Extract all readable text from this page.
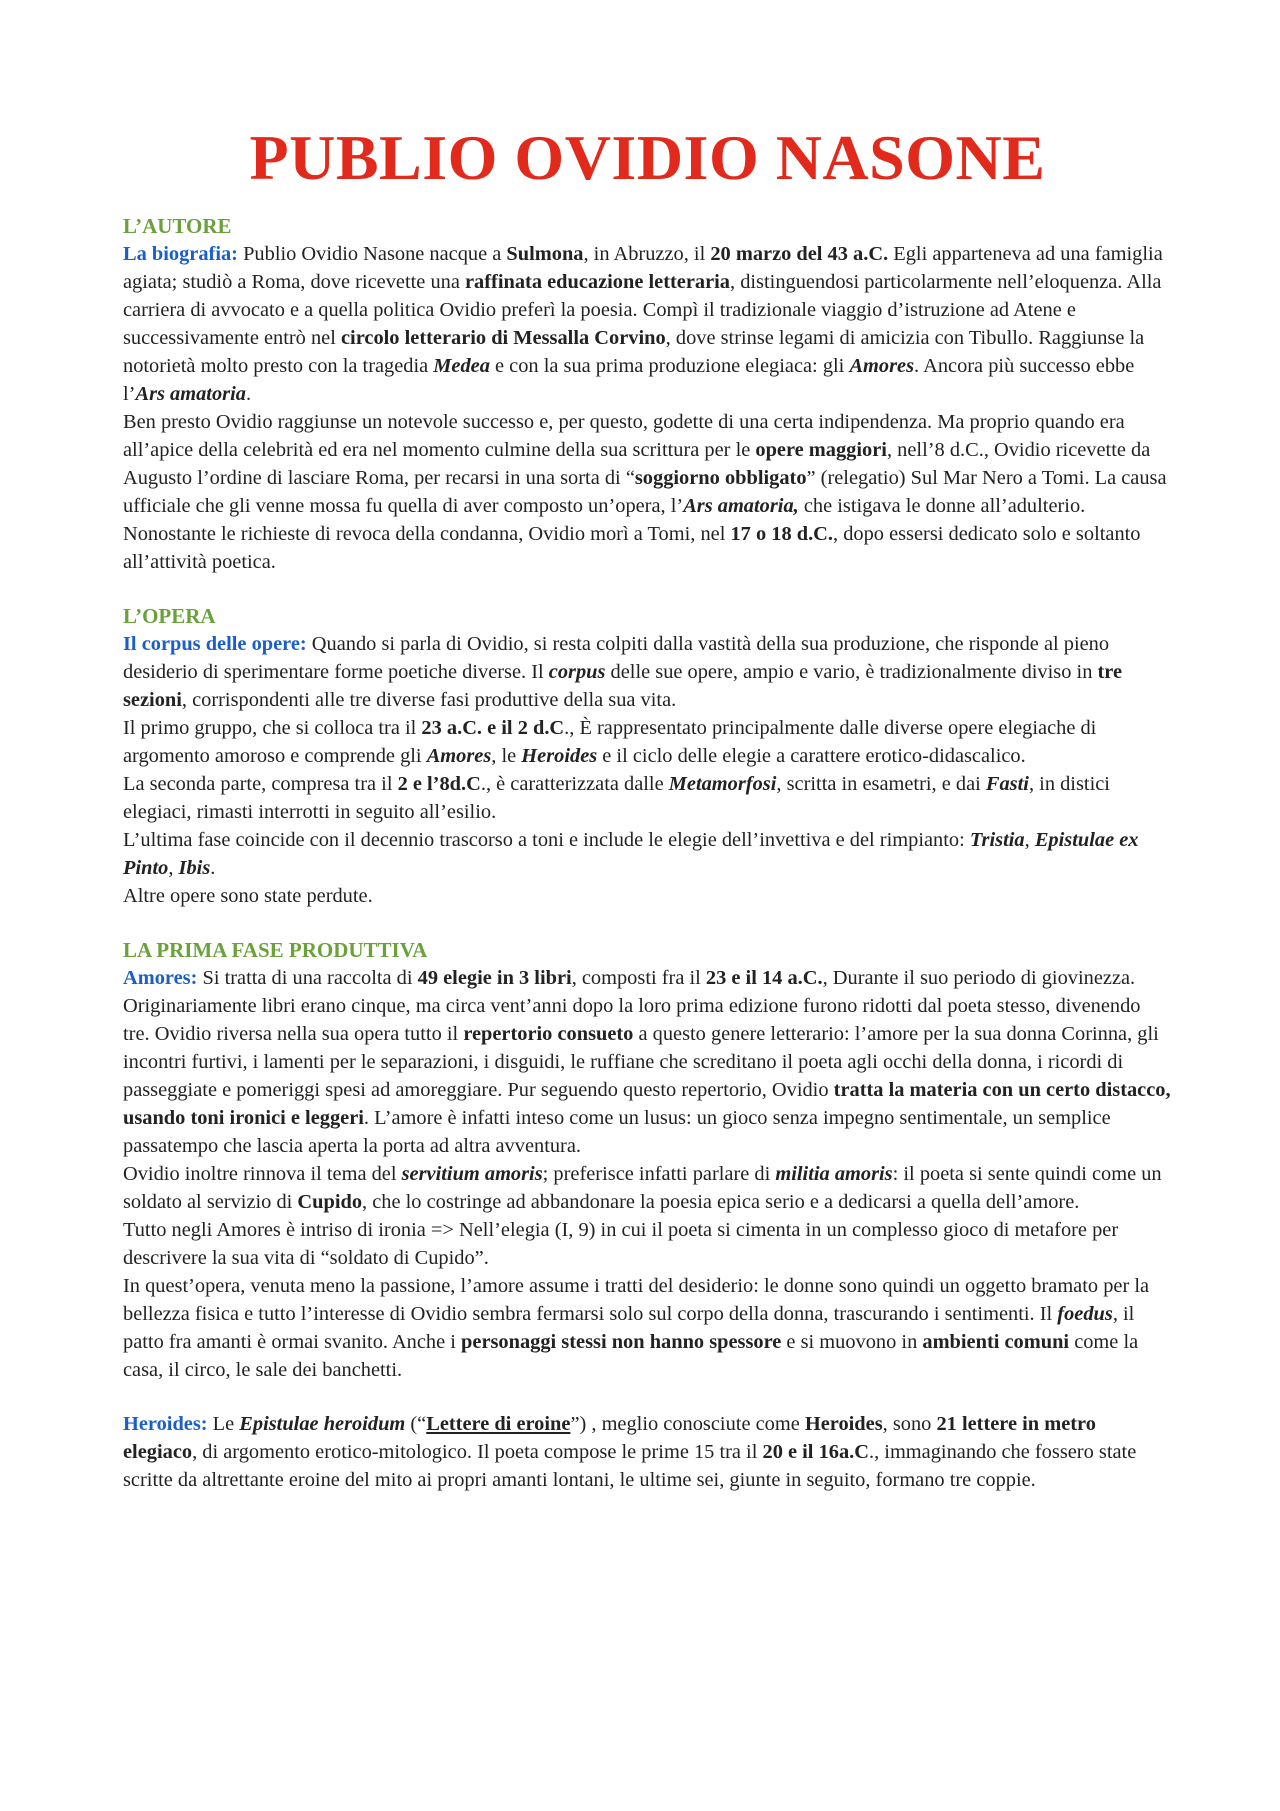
PUBLIO OVIDIO NASONE
L’AUTORE

La biografia: Publio Ovidio Nasone nacque a Sulmona, in Abruzzo, il 20 marzo del 43 a.C. Egli apparteneva ad una famiglia agiata; studiò a Roma, dove ricevette una raffinata educazione letteraria, distinguendosi particolarmente nell’eloquenza. Alla carriera di avvocato e a quella politica Ovidio preferì la poesia. Compì il tradizionale viaggio d’istruzione ad Atene e successivamente entrò nel circolo letterario di Messalla Corvino, dove strinse legami di amicizia con Tibullo. Raggiunse la notorietà molto presto con la tragedia Medea e con la sua prima produzione elegiaca: gli Amores. Ancora più successo ebbe l’Ars amatoria.

Ben presto Ovidio raggiunse un notevole successo e, per questo, godette di una certa indipendenza. Ma proprio quando era all’apice della celebrità ed era nel momento culmine della sua scrittura per le opere maggiori, nell’8 d.C., Ovidio ricevette da Augusto l’ordine di lasciare Roma, per recarsi in una sorta di “soggiorno obbligato” (relegatio) Sul Mar Nero a Tomi. La causa ufficiale che gli venne mossa fu quella di aver composto un’opera, l’Ars amatoria, che istigava le donne all’adulterio.

Nonostante le richieste di revoca della condanna, Ovidio morì a Tomi, nel 17 o 18 d.C., dopo essersi dedicato solo e soltanto all’attività poetica.

L’OPERA

Il corpus delle opere: Quando si parla di Ovidio, si resta colpiti dalla vastità della sua produzione, che risponde al pieno desiderio di sperimentare forme poetiche diverse. Il corpus delle sue opere, ampio e vario, è tradizionalmente diviso in tre sezioni, corrispondenti alle tre diverse fasi produttive della sua vita.

Il primo gruppo, che si colloca tra il 23 a.C. e il 2 d.C., È rappresentato principalmente dalle diverse opere elegiache di argomento amoroso e comprende gli Amores, le Heroides e il ciclo delle elegie a carattere erotico-didascalico.

La seconda parte, compresa tra il 2 e l’8d.C., è caratterizzata dalle Metamorfosi, scritta in esametri, e dai Fasti, in distici elegiaci, rimasti interrotti in seguito all’esilio.

L’ultima fase coincide con il decennio trascorso a toni e include le elegie dell’invettiva e del rimpianto: Tristia, Epistulae ex Pinto, Ibis.

Altre opere sono state perdute.

LA PRIMA FASE PRODUTTIVA

Amores: Si tratta di una raccolta di 49 elegie in 3 libri, composti fra il 23 e il 14 a.C., Durante il suo periodo di giovinezza. Originariamente libri erano cinque, ma circa vent’anni dopo la loro prima edizione furono ridotti dal poeta stesso, divenendo tre. Ovidio riversa nella sua opera tutto il repertorio consueto a questo genere letterario: l’amore per la sua donna Corinna, gli incontri furtivi, i lamenti per le separazioni, i disguidi, le ruffiane che screditano il poeta agli occhi della donna, i ricordi di passeggiate e pomeriggi spesi ad amoreggiare. Pur seguendo questo repertorio, Ovidio tratta la materia con un certo distacco, usando toni ironici e leggeri. L’amore è infatti inteso come un lusus: un gioco senza impegno sentimentale, un semplice passatempo che lascia aperta la porta ad altra avventura.

Ovidio inoltre rinnova il tema del servitium amoris; preferisce infatti parlare di militia amoris: il poeta si sente quindi come un soldato al servizio di Cupido, che lo costringe ad abbandonare la poesia epica serio e a dedicarsi a quella dell’amore.

Tutto negli Amores è intriso di ironia => Nell’elegia (I, 9) in cui il poeta si cimenta in un complesso gioco di metafore per descrivere la sua vita di “soldato di Cupido”.

In quest’opera, venuta meno la passione, l’amore assume i tratti del desiderio: le donne sono quindi un oggetto bramato per la bellezza fisica e tutto l’interesse di Ovidio sembra fermarsi solo sul corpo della donna, trascurando i sentimenti. Il foedus, il patto fra amanti è ormai svanito. Anche i personaggi stessi non hanno spessore e si muovono in ambienti comuni come la casa, il circo, le sale dei banchetti.

Heroides: Le Epistulae heroidum (“Lettere di eroine”) , meglio conosciute come Heroides, sono 21 lettere in metro elegiaco, di argomento erotico-mitologico. Il poeta compose le prime 15 tra il 20 e il 16a.C., immaginando che fossero state scritte da altrettante eroine del mito ai propri amanti lontani, le ultime sei, giunte in seguito, formano tre coppie.
